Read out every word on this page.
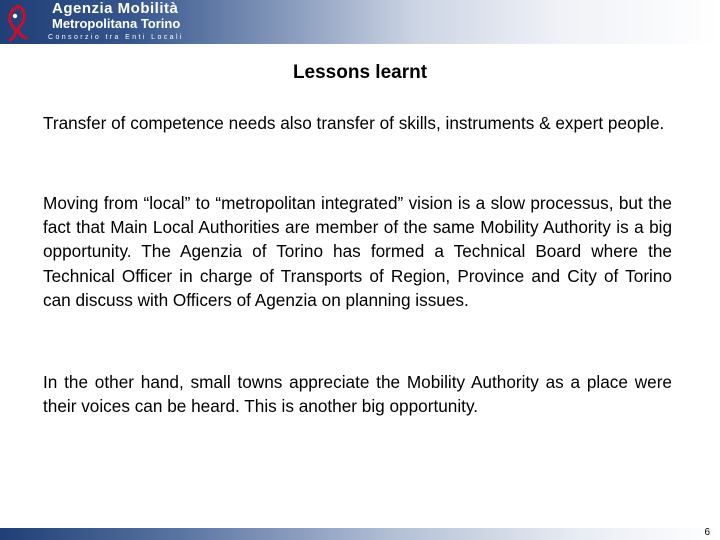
Agenzia Mobilità
Metropolitana Torino
Consorzio tra Enti Locali
Lessons learnt

Transfer of competence needs also transfer of skills, instruments & expert people.

Moving from “local” to “metropolitan integrated” vision is a slow processus, but the fact that Main Local Authorities are member of the same Mobility Authority is a big opportunity. The Agenzia of Torino has formed a Technical Board where the Technical Officer in charge of Transports of Region, Province and City of Torino can discuss with Officers of Agenzia on planning issues.

In the other hand, small towns appreciate the Mobility Authority as a place were their voices can be heard. This is another big opportunity.

6
